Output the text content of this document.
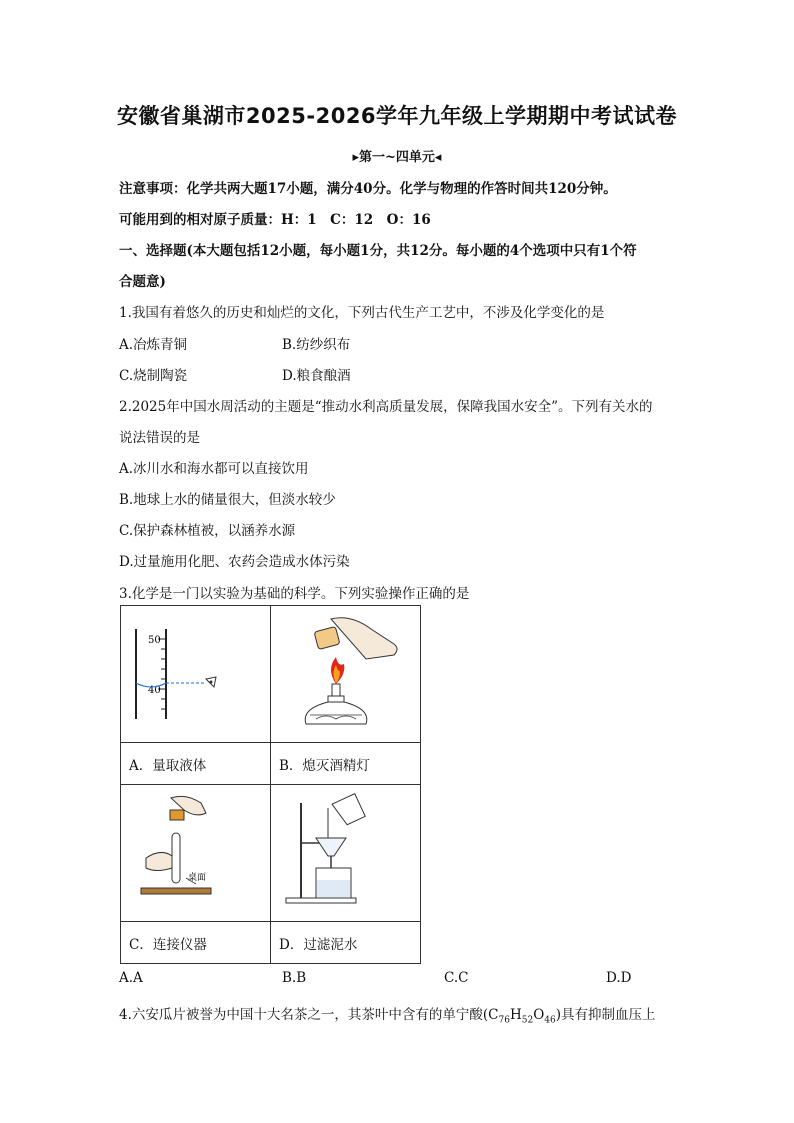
安徽省巢湖市2025-2026学年九年级上学期期中考试试卷
▸第一~四单元◂
注意事项：化学共两大题17小题，满分40分。化学与物理的作答时间共120分钟。
可能用到的相对原子质量：H：1　C：12　O：16
一、选择题(本大题包括12小题，每小题1分，共12分。每小题的4个选项中只有1个符
合题意)
1.我国有着悠久的历史和灿烂的文化，下列古代生产工艺中，不涉及化学变化的是
A.冶炼青铜	B.纺纱织布
C.烧制陶瓷	D.粮食酿酒
2.2025年中国水周活动的主题是“推动水利高质量发展，保障我国水安全”。下列有关水的
说法错误的是
A.冰川水和海水都可以直接饮用
B.地球上水的储量很大，但淡水较少
C.保护森林植被，以涵养水源
D.过量施用化肥、农药会造成水体污染
3.化学是一门以实验为基础的科学。下列实验操作正确的是
50
40

A．量取液体	B．熄灭酒精灯

桌面

C．连接仪器	D．过滤泥水
A.A	B.B	C.C	D.D
4.六安瓜片被誉为中国十大名茶之一，其茶叶中含有的单宁酸$(C_{76}H_{52}O_{46})$具有抑制血压上
